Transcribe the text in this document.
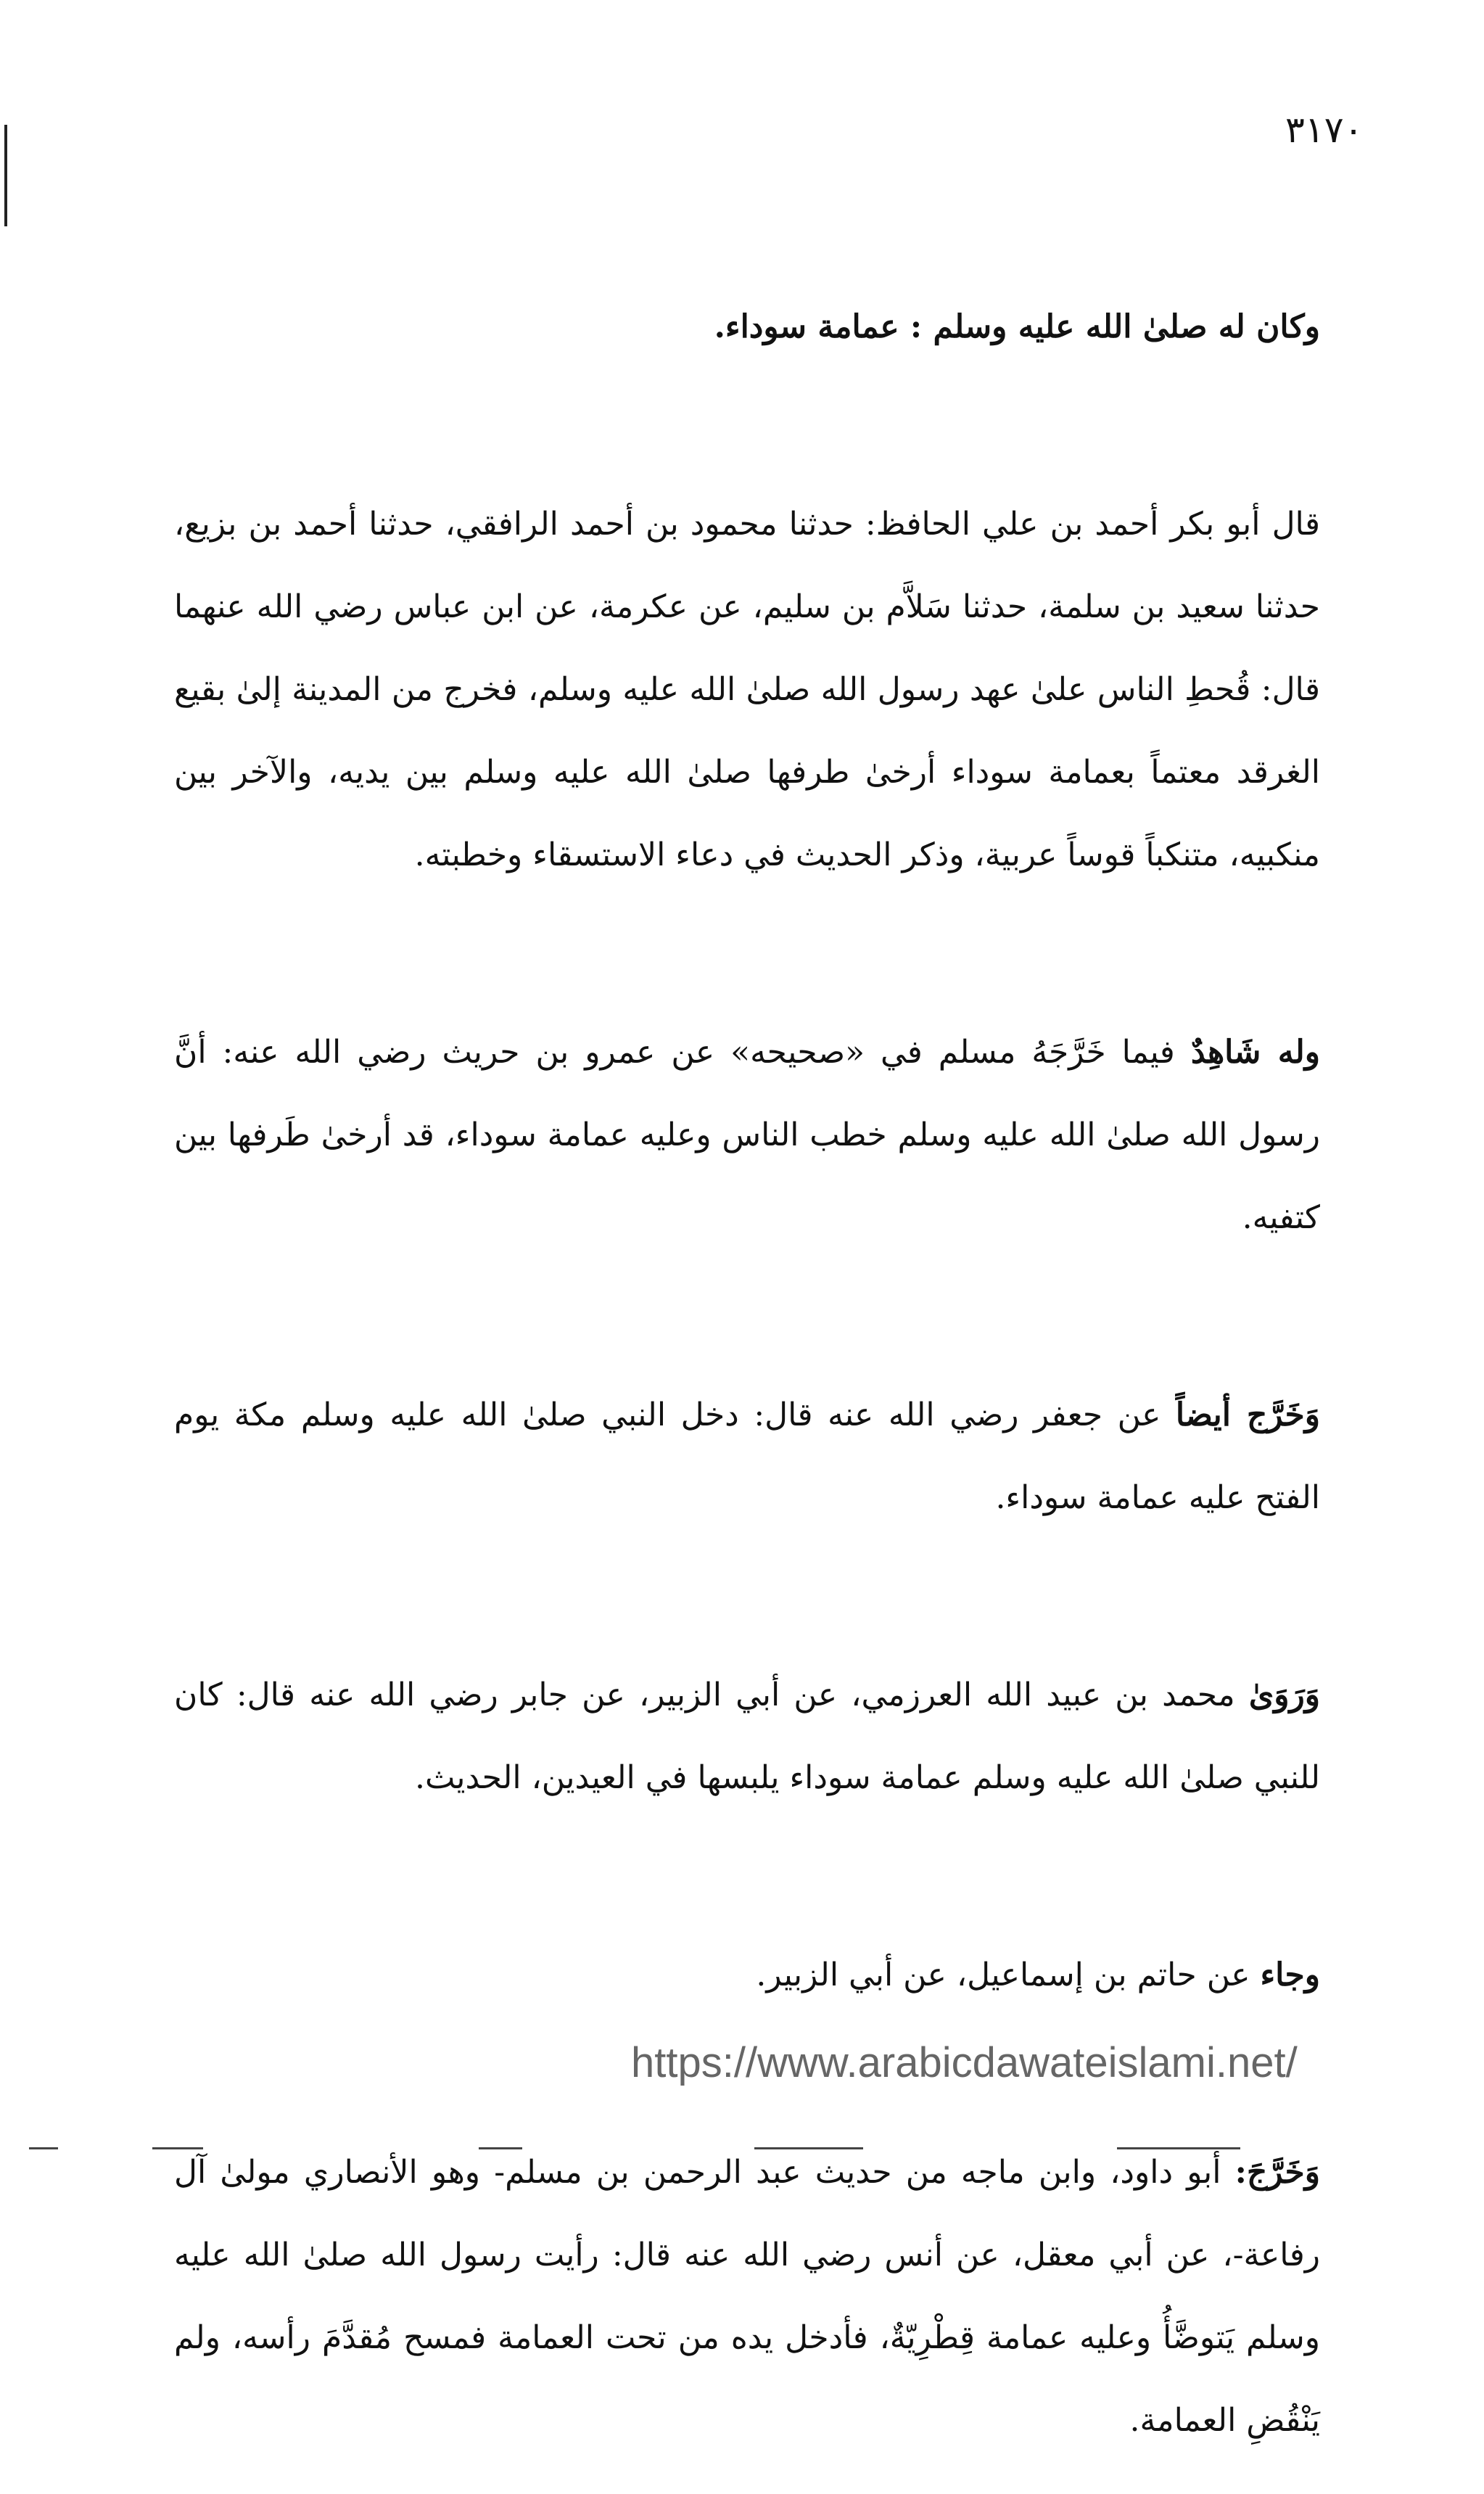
٣١٧٠

وكان له صلىٰ الله عليه وسلم : عمامة سوداء.

قال أبو بكر أحمد بن علي الحافظ: حدثنا محمود بن أحمد الرافقي، حدثنا أحمد بن بزيع، حدثنا سعيد بن سلمة، حدثنا سَلاَّم بن سليم، عن عكرمة، عن ابن عباس رضي الله عنهما قال: قُحطِ الناس علىٰ عهد رسول الله صلىٰ الله عليه وسلم، فخرج من المدينة إلىٰ بقيع الغرقد معتماً بعمامة سوداء أرخىٰ طرفها صلىٰ الله عليه وسلم بين يديه، والآخر بين منكبيه، متنكباً قوساً عربية، وذكر الحديث في دعاء الاستسقاء وخطبته.

وله شَاهِدٌ فيما خَرَّجَهُ مسلم في «صحيحه» عن عمرو بن حريث رضي الله عنه: أنَّ رسول الله صلىٰ الله عليه وسلم خطب الناس وعليه عمامة سوداء، قد أرخىٰ طَرفها بين كتفيه.

وَخَرَّج أيضاً عن جعفر رضي الله عنه قال: دخل النبي صلىٰ الله عليه وسلم مكة يوم الفتح عليه عمامة سوداء.

وَرَوَىٰ محمد بن عبيد الله العرزمي، عن أبي الزبير، عن جابر رضي الله عنه قال: كان للنبي صلىٰ الله عليه وسلم عمامة سوداء يلبسها في العيدين، الحديث.

وجاء عن حاتم بن إسماعيل، عن أبي الزبير.

وَخَرَّجَ: أبو داود، وابن ماجه من حديث عبد الرحمن بن مسلم- وهو الأنصاري مولىٰ آل رفاعة-، عن أبي معقل، عن أنس رضي الله عنه قال: رأيت رسول الله صلىٰ الله عليه وسلم يَتوضَّأُ وعليه عمامة قِطْرِيّةٌ، فأدخل يده من تحت العمامة فمسح مُقدَّمَ رأسه، ولم يَنْقُضِ العمامة.

https://www.arabicdawateislami.net/
